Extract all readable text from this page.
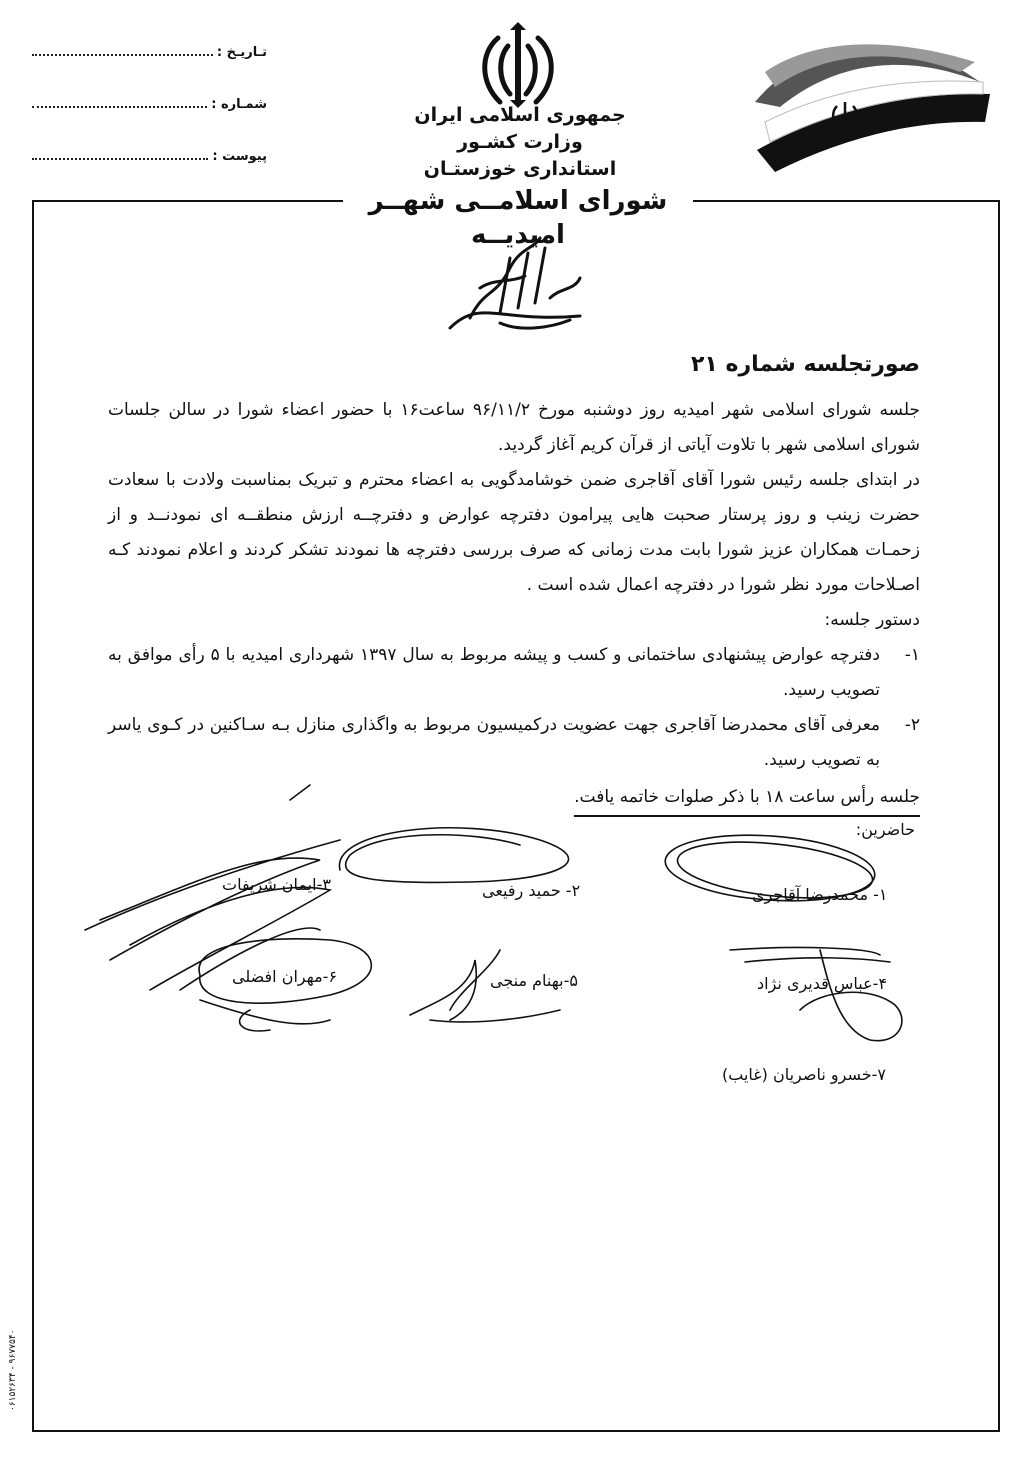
تـاريـخ :
شمـاره :
پيوست :
جمهوری اسلامی ايران
وزارت كشـور
استانداری خوزستـان
شورای اسلامــی شهــر اميديــه
صورتجلسه شماره ۲۱

جلسه شورای اسلامی شهر اميديه روز دوشنبه مورخ ۹۶/۱۱/۲ ساعت۱۶ با حضور اعضاء شورا در سالن جلسات شورای اسلامی شهر با تلاوت آياتی از قرآن كريم آغاز گرديد.

در ابتدای جلسه رئيس شورا آقای آقاجری ضمن خوشامدگويی به اعضاء محترم و تبريک بمناسبت ولادت با سعادت حضرت زينب و روز پرستار صحبت هايی پيرامون دفترچه عوارض و دفترچــه ارزش منطقــه ای نمودنــد و از زحمـات همكاران عزيز شورا بابت مدت زمانی كه صرف بررسی دفترچه ها نمودند تشكر كردند و اعلام نمودند كـه اصـلاحات مورد نظر شورا در دفترچه اعمال شده است .

دستور جلسه:
۱-
دفترچه عوارض پيشنهادی ساختمانی و كسب و پيشه مربوط به سال ۱۳۹۷ شهرداری اميديه با ۵ رأی موافق به تصويب رسيد.
۲-
معرفی آقای محمدرضا آقاجری جهت عضويت دركميسيون مربوط به واگذاری منازل بـه سـاكنين در كـوی ياسر به تصويب رسيد.
جلسه رأس ساعت ۱۸ با ذكر صلوات خاتمه يافت.
حاضرين:
۱- محمدرضا آقاجری
۲- حميد رفيعی
۳-ايمان شريفات
۴-عباس قديری نژاد
۵-بهنام منجی
۶-مهران افضلی
۷-خسرو ناصريان (غايب)
۹۶۷۷۵۴۰ - ۰۶۱۵۲۶۳۴
